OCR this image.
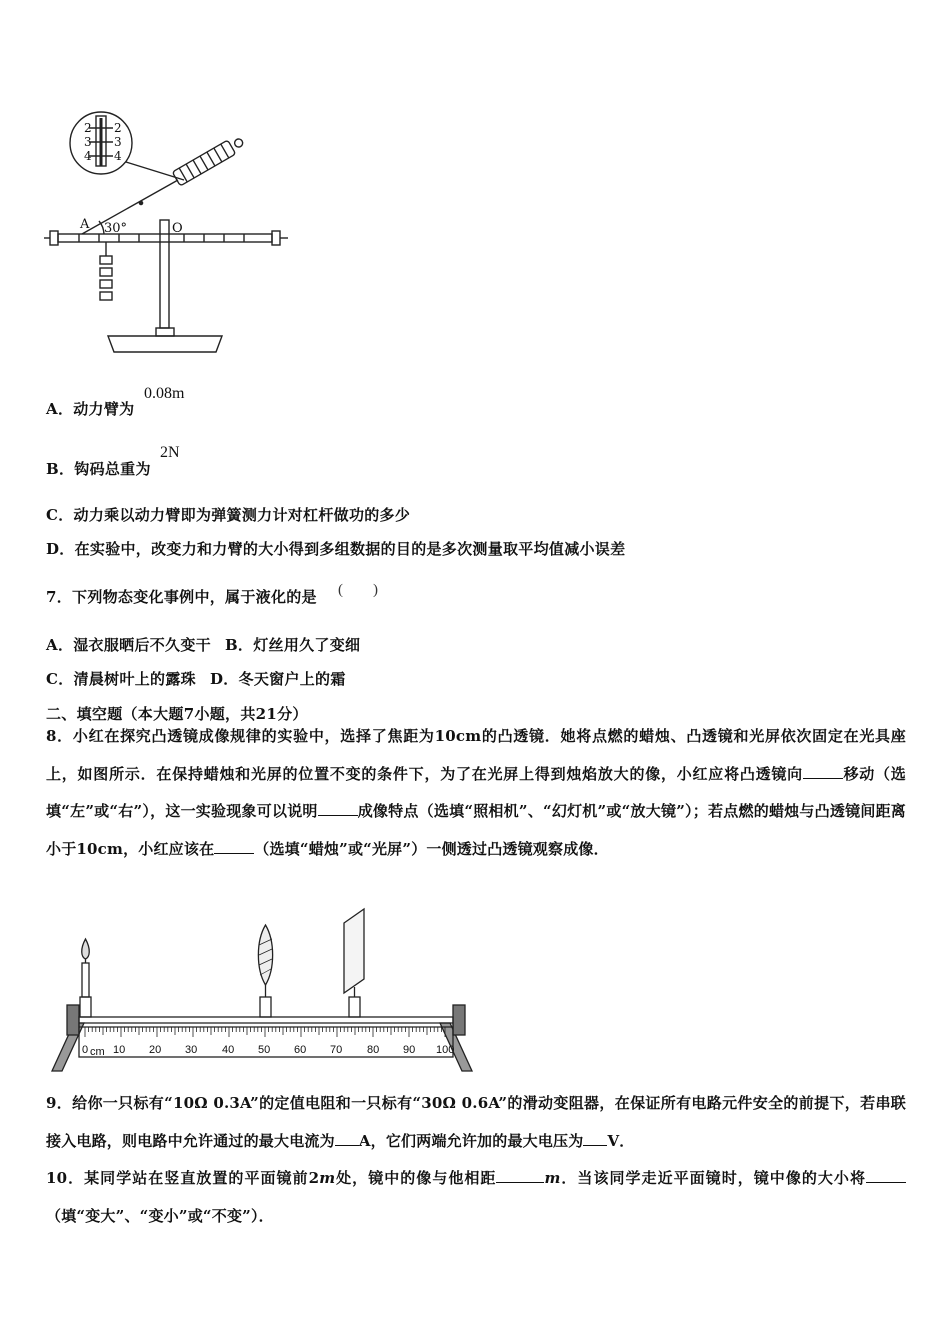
2 2
3 3
4 4
A 30°	O
A．动力臂为
0.08m
B．钩码总重为
2N
C．动力乘以动力臂即为弹簧测力计对杠杆做功的多少
D．在实验中，改变力和力臂的大小得到多组数据的目的是多次测量取平均值减小误差
7．下列物态变化事例中，属于液化的是 (　　)
A．湿衣服晒后不久变干 B．灯丝用久了变细
C．清晨树叶上的露珠 D．冬天窗户上的霜
二、填空题（本大题7小题，共21分）
8．小红在探究凸透镜成像规律的实验中，选择了焦距为10cm的凸透镜．她将点燃的蜡烛、凸透镜和光屏依次固定在光具座上，如图所示．在保持蜡烛和光屏的位置不变的条件下，为了在光屏上得到烛焰放大的像，小红应将凸透镜向	移动（选填“左”或“右”），这一实验现象可以说明	成像特点（选填“照相机”、“幻灯机”或“放大镜”）；若点燃的蜡烛与凸透镜间距离小于10cm，小红应该在	（选填“蜡烛”或“光屏”）一侧透过凸透镜观察成像．
0 cm 10 20 30 40 50 60 70 80 90 100
9．给你一只标有“10Ω 0.3A”的定值电阻和一只标有“30Ω 0.6A”的滑动变阻器，在保证所有电路元件安全的前提下，若串联接入电路，则电路中允许通过的最大电流为 A，它们两端允许加的最大电压为 V．
10．某同学站在竖直放置的平面镜前2m处，镜中的像与他相距	m．当该同学走近平面镜时，镜中像的大小将（填“变大”、“变小”或“不变”）．
